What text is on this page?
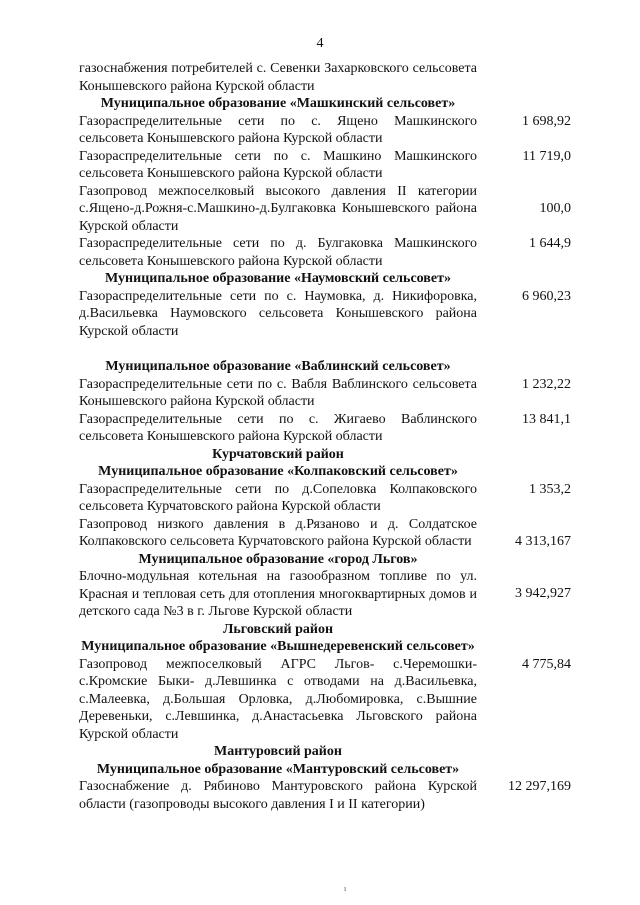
4
газоснабжения потребителей с. Севенки Захарковского сельсовета Конышевского района Курской области
Муниципальное образование «Машкинский сельсовет»
Газораспределительные сети по с. Ящено Машкинского сельсовета Конышевского района Курской области
1 698,92
Газораспределительные сети по с. Машкино Машкинского сельсовета Конышевского района Курской области
11 719,0
Газопровод межпоселковый высокого давления II категории с.Ящено-д.Рожня-с.Машкино-д.Булгаковка Конышевского района Курской области
100,0
Газораспределительные сети по д. Булгаковка Машкинского сельсовета Конышевского района Курской области
1 644,9
Муниципальное образование «Наумовский сельсовет»
Газораспределительные сети по с. Наумовка, д. Никифоровка, д.Васильевка Наумовского сельсовета Конышевского района Курской области
6 960,23
Муниципальное образование «Ваблинский сельсовет»
Газораспределительные сети по с. Вабля Ваблинского сельсовета Конышевского района Курской области
1 232,22
Газораспределительные сети по с. Жигаево Ваблинского сельсовета Конышевского района Курской области
13 841,1
Курчатовский район
Муниципальное образование «Колпаковский сельсовет»
Газораспределительные сети по д.Сопеловка Колпаковского сельсовета Курчатовского района Курской области
1 353,2
Газопровод низкого давления в д.Рязаново и д. Солдатское Колпаковского сельсовета Курчатовского района Курской области	4 313,167
Муниципальное образование «город Льгов»
Блочно-модульная котельная на газообразном топливе по ул. Красная и тепловая сеть для отопления многоквартирных домов и детского сада №3 в г. Льгове Курской области
3 942,927
Льговский район
Муниципальное образование «Вышнедеревенский сельсовет»
Газопровод межпоселковый АГРС Льгов- с.Черемошки-с.Кромские Быки- д.Левшинка с отводами на д.Васильевка, с.Малеевка, д.Большая Орловка, д.Любомировка, с.Вышние Деревеньки, с.Левшинка, д.Анастасьевка Льговского района Курской области
4 775,84
Мантуровсий район
Муниципальное образование «Мантуровский сельсовет»
Газоснабжение д. Рябиново Мантуровского района Курской области (газопроводы высокого давления I и II категории)
12 297,169
ı
